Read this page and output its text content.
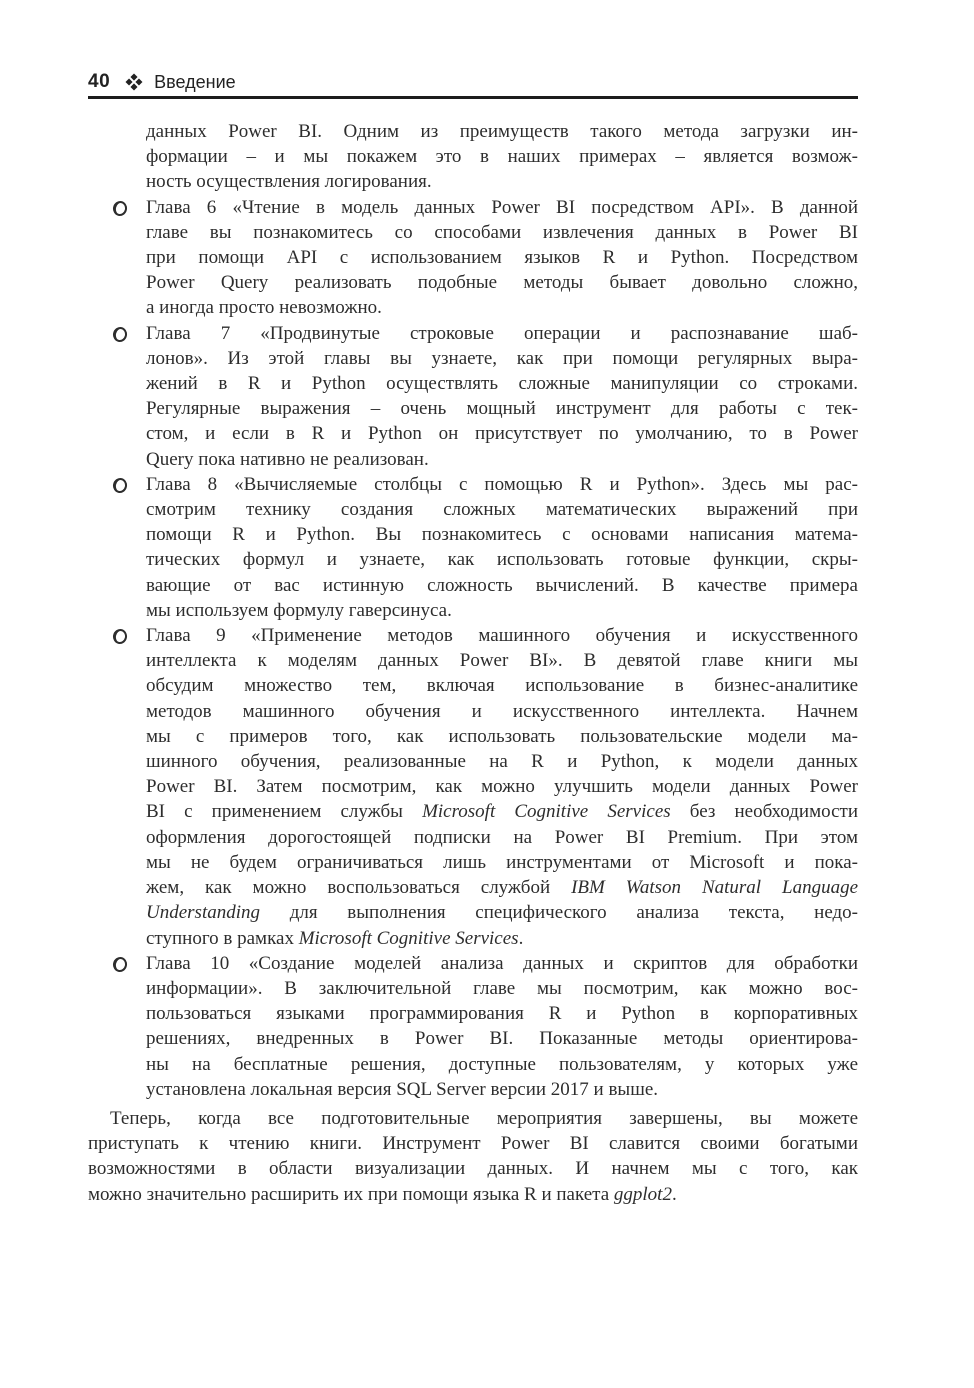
40 Введение
данных Power BI. Одним из преимуществ такого метода загрузки ин-
формации – и мы покажем это в наших примерах – является возмож-
ность осуществления логирования.
Глава 6 «Чтение в модель данных Power BI посредством API». В данной
главе вы познакомитесь со способами извлечения данных в Power BI
при помощи API с использованием языков R и Python. Посредством
Power Query реализовать подобные методы бывает довольно сложно,
а иногда просто невозможно.
Глава 7 «Продвинутые строковые операции и распознавание шаб-
лонов». Из этой главы вы узнаете, как при помощи регулярных выра-
жений в R и Python осуществлять сложные манипуляции со строками.
Регулярные выражения – очень мощный инструмент для работы с тек-
стом, и если в R и Python он присутствует по умолчанию, то в Power
Query пока нативно не реализован.
Глава 8 «Вычисляемые столбцы с помощью R и Python». Здесь мы рас-
смотрим технику создания сложных математических выражений при
помощи R и Python. Вы познакомитесь с основами написания матема-
тических формул и узнаете, как использовать готовые функции, скры-
вающие от вас истинную сложность вычислений. В качестве примера
мы используем формулу гаверсинуса.
Глава 9 «Применение методов машинного обучения и искусственного
интеллекта к моделям данных Power BI». В девятой главе книги мы
обсудим множество тем, включая использование в бизнес-аналитике
методов машинного обучения и искусственного интеллекта. Начнем
мы с примеров того, как использовать пользовательские модели ма-
шинного обучения, реализованные на R и Python, к модели данных
Power BI. Затем посмотрим, как можно улучшить модели данных Power
BI с применением службы Microsoft Cognitive Services без необходимости
оформления дорогостоящей подписки на Power BI Premium. При этом
мы не будем ограничиваться лишь инструментами от Microsoft и пока-
жем, как можно воспользоваться службой IBM Watson Natural Language
Understanding для выполнения специфического анализа текста, недо-
ступного в рамках Microsoft Cognitive Services.
Глава 10 «Создание моделей анализа данных и скриптов для обработки
информации». В заключительной главе мы посмотрим, как можно вос-
пользоваться языками программирования R и Python в корпоративных
решениях, внедренных в Power BI. Показанные методы ориентирова-
ны на бесплатные решения, доступные пользователям, у которых уже
установлена локальная версия SQL Server версии 2017 и выше.
Теперь, когда все подготовительные мероприятия завершены, вы можете
приступать к чтению книги. Инструмент Power BI славится своими богатыми
возможностями в области визуализации данных. И начнем мы с того, как
можно значительно расширить их при помощи языка R и пакета ggplot2.
